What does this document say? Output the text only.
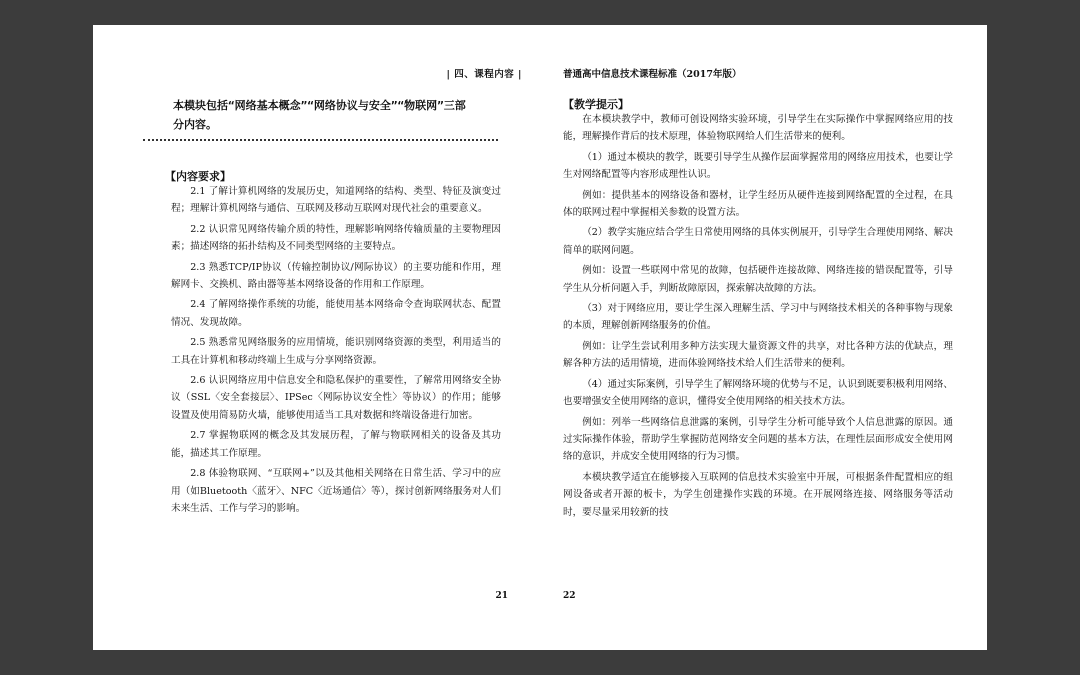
| 四、课程内容 |
本模块包括“网络基本概念”“网络协议与安全”“物联网”三部分内容。
【内容要求】

2.1 了解计算机网络的发展历史，知道网络的结构、类型、特征及演变过程；理解计算机网络与通信、互联网及移动互联网对现代社会的重要意义。

2.2 认识常见网络传输介质的特性，理解影响网络传输质量的主要物理因素；描述网络的拓扑结构及不同类型网络的主要特点。

2.3 熟悉TCP/IP协议（传输控制协议/网际协议）的主要功能和作用，理解网卡、交换机、路由器等基本网络设备的作用和工作原理。

2.4 了解网络操作系统的功能，能使用基本网络命令查询联网状态、配置情况、发现故障。

2.5 熟悉常见网络服务的应用情境，能识别网络资源的类型，利用适当的工具在计算机和移动终端上生成与分享网络资源。

2.6 认识网络应用中信息安全和隐私保护的重要性，了解常用网络安全协议（SSL〈安全套接层〉、IPSec〈网际协议安全性〉等协议）的作用；能够设置及使用简易防火墙，能够使用适当工具对数据和终端设备进行加密。

2.7 掌握物联网的概念及其发展历程，了解与物联网相关的设备及其功能，描述其工作原理。

2.8 体验物联网、“互联网+”以及其他相关网络在日常生活、学习中的应用（如Bluetooth〈蓝牙〉、NFC〈近场通信〉等），探讨创新网络服务对人们未来生活、工作与学习的影响。

21
普通高中信息技术课程标准（2017年版）
【教学提示】

在本模块教学中，教师可创设网络实验环境，引导学生在实际操作中掌握网络应用的技能，理解操作背后的技术原理，体验物联网给人们生活带来的便利。

（1）通过本模块的教学，既要引导学生从操作层面掌握常用的网络应用技术，也要让学生对网络配置等内容形成理性认识。

例如：提供基本的网络设备和器材，让学生经历从硬件连接到网络配置的全过程，在具体的联网过程中掌握相关参数的设置方法。

（2）教学实施应结合学生日常使用网络的具体实例展开，引导学生合理使用网络、解决简单的联网问题。

例如：设置一些联网中常见的故障，包括硬件连接故障、网络连接的错误配置等，引导学生从分析问题入手，判断故障原因，探索解决故障的方法。

（3）对于网络应用，要让学生深入理解生活、学习中与网络技术相关的各种事物与现象的本质，理解创新网络服务的价值。

例如：让学生尝试利用多种方法实现大量资源文件的共享，对比各种方法的优缺点，理解各种方法的适用情境，进而体验网络技术给人们生活带来的便利。

（4）通过实际案例，引导学生了解网络环境的优势与不足，认识到既要积极利用网络、也要增强安全使用网络的意识，懂得安全使用网络的相关技术方法。

例如：列举一些网络信息泄露的案例，引导学生分析可能导致个人信息泄露的原因。通过实际操作体验，帮助学生掌握防范网络安全问题的基本方法，在理性层面形成安全使用网络的意识，并成安全使用网络的行为习惯。

本模块教学适宜在能够接入互联网的信息技术实验室中开展，可根据条件配置相应的组网设备或者开源的板卡，为学生创建操作实践的环境。在开展网络连接、网络服务等活动时，要尽量采用较新的技

22
